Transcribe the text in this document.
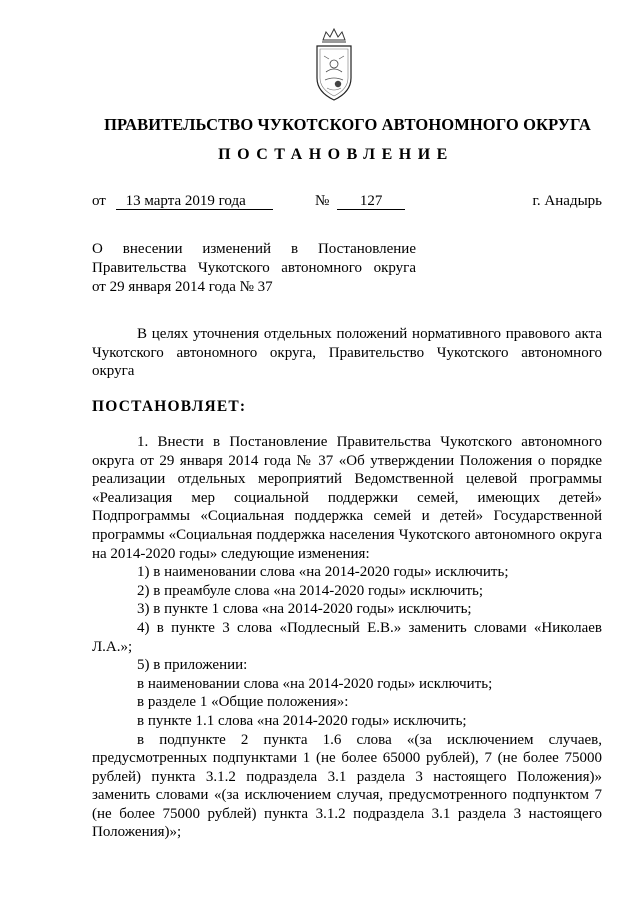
ПРАВИТЕЛЬСТВО ЧУКОТСКОГО АВТОНОМНОГО ОКРУГА
ПОСТАНОВЛЕНИЕ
от 13 марта 2019 года	№ 127	г. Анадырь
О внесении изменений в Постановление
Правительства Чукотского автономного округа
от 29 января 2014 года № 37

В целях уточнения отдельных положений нормативного правового акта Чукотского автономного округа, Правительство Чукотского автономного округа

ПОСТАНОВЛЯЕТ:

1. Внести в Постановление Правительства Чукотского автономного округа от 29 января 2014 года № 37 «Об утверждении Положения о порядке реализации отдельных мероприятий Ведомственной целевой программы «Реализация мер социальной поддержки семей, имеющих детей» Подпрограммы «Социальная поддержка семей и детей» Государственной программы «Социальная поддержка населения Чукотского автономного округа на 2014-2020 годы» следующие изменения:

1) в наименовании слова «на 2014-2020 годы» исключить;

2) в преамбуле слова «на 2014-2020 годы» исключить;

3) в пункте 1 слова «на 2014-2020 годы» исключить;

4) в пункте 3 слова «Подлесный Е.В.» заменить словами «Николаев Л.А.»;

5) в приложении:

в наименовании слова «на 2014-2020 годы» исключить;

в разделе 1 «Общие положения»:

в пункте 1.1 слова «на 2014-2020 годы» исключить;

в подпункте 2 пункта 1.6 слова «(за исключением случаев, предусмотренных подпунктами 1 (не более 65000 рублей), 7 (не более 75000 рублей) пункта 3.1.2 подраздела 3.1 раздела 3 настоящего Положения)» заменить словами «(за исключением случая, предусмотренного подпунктом 7 (не более 75000 рублей) пункта 3.1.2 подраздела 3.1 раздела 3 настоящего Положения)»;
